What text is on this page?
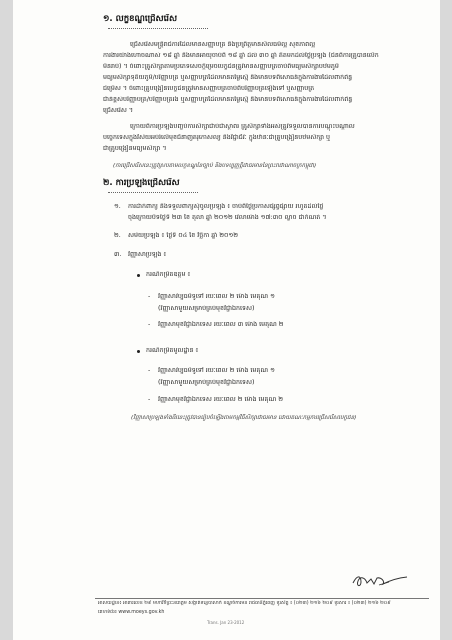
១. លក្ខខណ្ឌជ្រើសរើស
ជ្រើសរើសមន្ត្រីរាជការដែលមានសញ្ញាបត្រ និងប្រព្រឹត្តមានសីលធម៌ល្អ សុខភាពល្អ
ការងារយ៉ាងហោចណាស់ ១៨ ឆ្នាំ និងមានអាយុចាប់ពី ១៨ ឆ្នាំ ដល់ ៣០ ឆ្នាំ គិតមកដល់ថ្ងៃប្រឡង (ជនពិការគ្រូបានលើក
មិនរាប់) ។ ចំពោះគ្រូសិក្សាតាមប្រភេទសេចក្ដីម្រេចបេក្ខជនត្រូវមានសញ្ញាបត្រចាប់ពីមធ្យមសិក្សាបឋមភូមិ
មធ្យមសិក្សាទុតិយភូមិ/បរិញ្ញាបត្រ ឬសញ្ញាបត្រដែលមានតម្លៃស្មើ និងមានបទពិសោធន៍ក្នុងការងារដែលពាក់ព័ន្ធ
ជម្រើស ។ ចំពោះគ្រូបង្រៀនបេក្ខជនត្រូវមានសញ្ញាបត្រចាប់ពីបរិញ្ញាបត្រឡើងទៅ ឬសញ្ញាបត្រ
ជាន់ខ្ពស់បរិញ្ញាបត្រ/បរិញ្ញាបត្ររង ឬសញ្ញាបត្រដែលមានតម្លៃស្មើ និងមានបទពិសោធន៍ក្នុងការងារដែលពាក់ព័ន្ធ
ជ្រើសរើស ។
ក្រោយពីការប្រឡងបញ្ចប់ការសិក្សាជាប់ជាស្ថាពរ គ្រូសិក្សាទាំងអស់ត្រូវទទួលបានការបណ្ដុះបណ្ដាល
បច្ចេកទេសក្នុងវិស័យអប់រំលើមុខជំនាញគរុកោសល្យ និងវិជ្ជាជីវៈ ក្នុងឋានៈជាគ្រូបង្រៀនបឋមសិក្សា ឬ
ជាគ្រូបង្រៀនមធ្យមសិក្សា ។
(ការជ្រើសរើសនេះត្រូវស្របតាមលក្ខខណ្ឌនៃច្បាប់ និងបទប្បញ្ញត្តិជាធរមាននៃព្រះរាជាណាចក្រកម្ពុជា)
២. ការប្រឡងជ្រើសរើស
១. ការដាក់ពាក្យ និងទទួលពាក្យសុំចូលប្រឡង ៖ ចាប់ពីថ្ងៃប្រកាសផ្សព្វផ្សាយ រហូតដល់ថ្ងៃ
ចុងក្រោយបិទថ្ងៃទី ២៣ ខែ តុលា ឆ្នាំ ២០១២ វេលាម៉ោង ១៧:៣០ ល្ងាច ជាកំណត់ ។
២. សម័យប្រឡង ៖ ថ្ងៃទី ០៤ ខែ វិច្ឆិកា ឆ្នាំ ២០១២
៣. វិញ្ញាសាប្រឡង ៖
ករណីកម្រិតឧត្តម ៖
- វិញ្ញាសាវប្បធម៌ទូទៅ រយៈពេល ២ ម៉ោង មេគុណ ១
(វិញ្ញាសាមួយសម្រាប់គ្រប់មុខវិជ្ជាឯកទេស)
- វិញ្ញាសាមុខវិជ្ជាឯកទេស រយៈពេល ៣ ម៉ោង មេគុណ ២
ករណីកម្រិតមូលដ្ឋាន ៖
- វិញ្ញាសាវប្បធម៌ទូទៅ រយៈពេល ២ ម៉ោង មេគុណ ១
(វិញ្ញាសាមួយសម្រាប់គ្រប់មុខវិជ្ជាឯកទេស)
- វិញ្ញាសាមុខវិជ្ជាឯកទេស រយៈពេល ២ ម៉ោង មេគុណ ២
(វិញ្ញាសាប្រឡងទាំងពីរនេះត្រូវបានរៀបចំឡើងតាមកម្មវិធីសិក្សាជាធរមាន ដោយគណៈកម្មការជ្រើសរើសបេក្ខជន)
អាសយដ្ឋាន៖ អាគារលេខ ២៩ មហាវិថីព្រះនរោត្តម សង្កាត់ទន្លេបាសាក់ ខណ្ឌចំការមន រាជធានីភ្នំពេញ ទូរស័ព្ទ ៖ (០២៣) ២១៦ ២០៩ ទូរសារ ៖ (០២៣) ២១៦ ២០៩
គេហទំព័រ៖ www.moeys.gov.kh
Trans. Jan 23-2012
